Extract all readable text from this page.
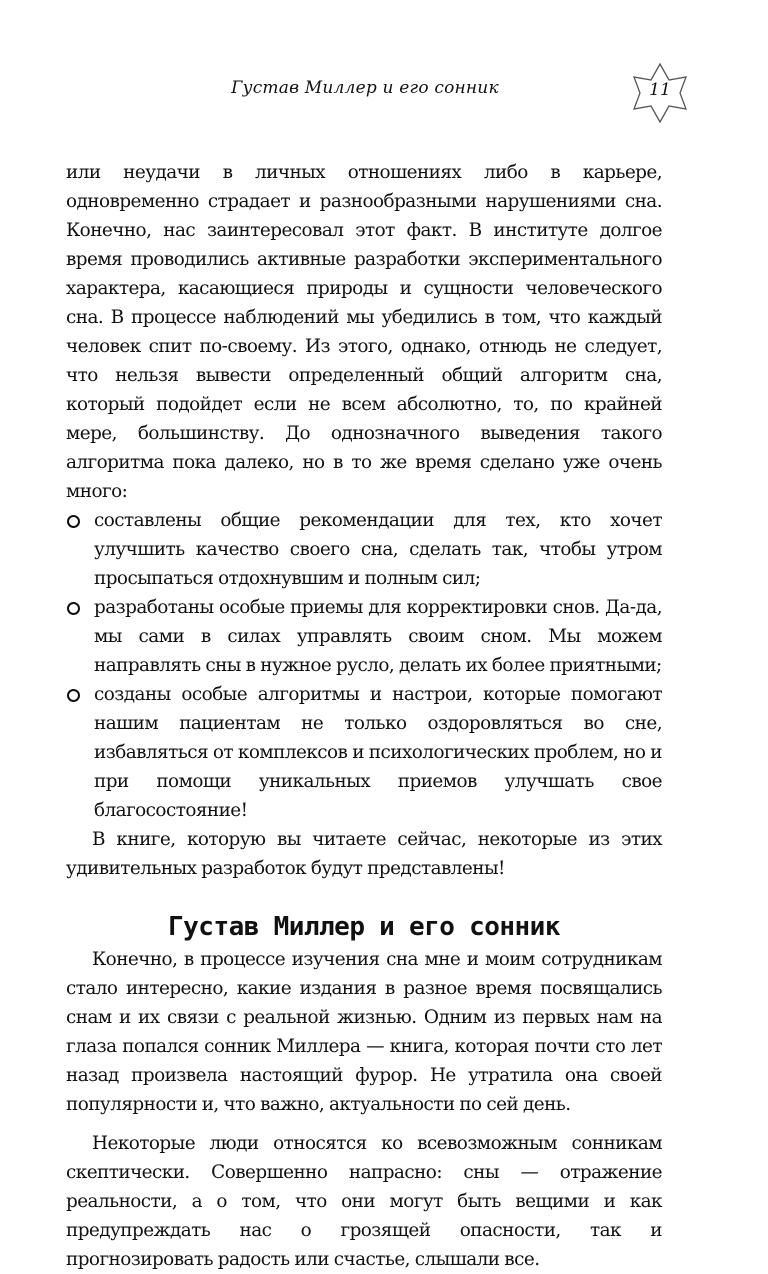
Густав Миллер и его сонник	11

или неудачи в личных отношениях либо в карьере, одновременно страдает и разнообразными нарушениями сна. Конечно, нас заинтересовал этот факт. В институте долгое время проводились активные разработки экспериментального характера, касающиеся природы и сущности человеческого сна. В процессе наблюдений мы убедились в том, что каждый человек спит по-своему. Из этого, однако, отнюдь не следует, что нельзя вывести определенный общий алгоритм сна, который подойдет если не всем абсолютно, то, по крайней мере, большинству. До однозначного выведения такого алгоритма пока далеко, но в то же время сделано уже очень много:

составлены общие рекомендации для тех, кто хочет улучшить качество своего сна, сделать так, чтобы утром просыпаться отдохнувшим и полным сил;
разработаны особые приемы для корректировки снов. Да-да, мы сами в силах управлять своим сном. Мы можем направлять сны в нужное русло, делать их более приятными;
созданы особые алгоритмы и настрои, которые помогают нашим пациентам не только оздоровляться во сне, избавляться от комплексов и психологических проблем, но и при помощи уникальных приемов улучшать свое благосостояние!

В книге, которую вы читаете сейчас, некоторые из этих удивительных разработок будут представлены!

Густав Миллер и его сонник

Конечно, в процессе изучения сна мне и моим сотрудникам стало интересно, какие издания в разное время посвящались снам и их связи с реальной жизнью. Одним из первых нам на глаза попался сонник Миллера — книга, которая почти сто лет назад произвела настоящий фурор. Не утратила она своей популярности и, что важно, актуальности по сей день.

Некоторые люди относятся ко всевозможным сонникам скептически. Совершенно напрасно: сны — отражение реальности, а о том, что они могут быть вещими и как предупреждать нас о грозящей опасности, так и прогнозировать радость или счастье, слышали все.
